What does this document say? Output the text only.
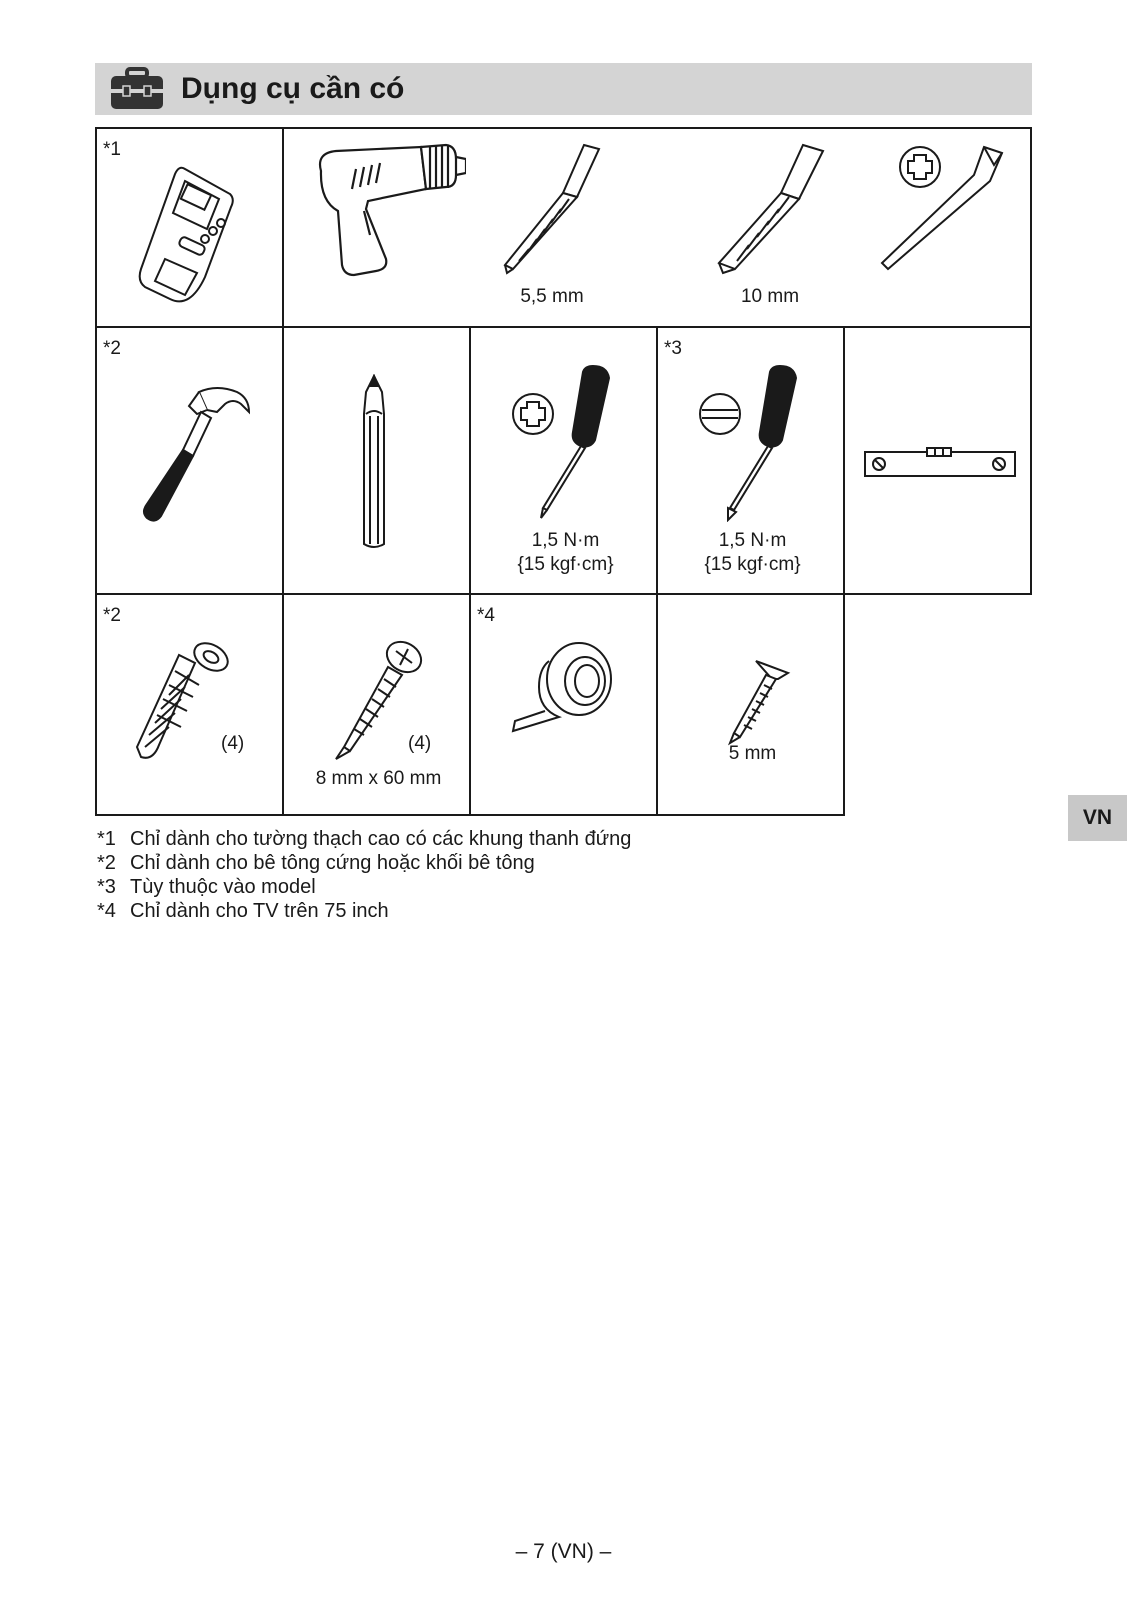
Dụng cụ cần có
*1
5,5 mm	10 mm
*2
1,5 N·m
{15 kgf·cm}
*3
1,5 N·m
{15 kgf·cm}
*2
(4)	(4)
8 mm x 60 mm
*4
5 mm
*1 Chỉ dành cho tường thạch cao có các khung thanh đứng
*2 Chỉ dành cho bê tông cứng hoặc khối bê tông
*3 Tùy thuộc vào model
*4 Chỉ dành cho TV trên 75 inch
VN
– 7 (VN) –
